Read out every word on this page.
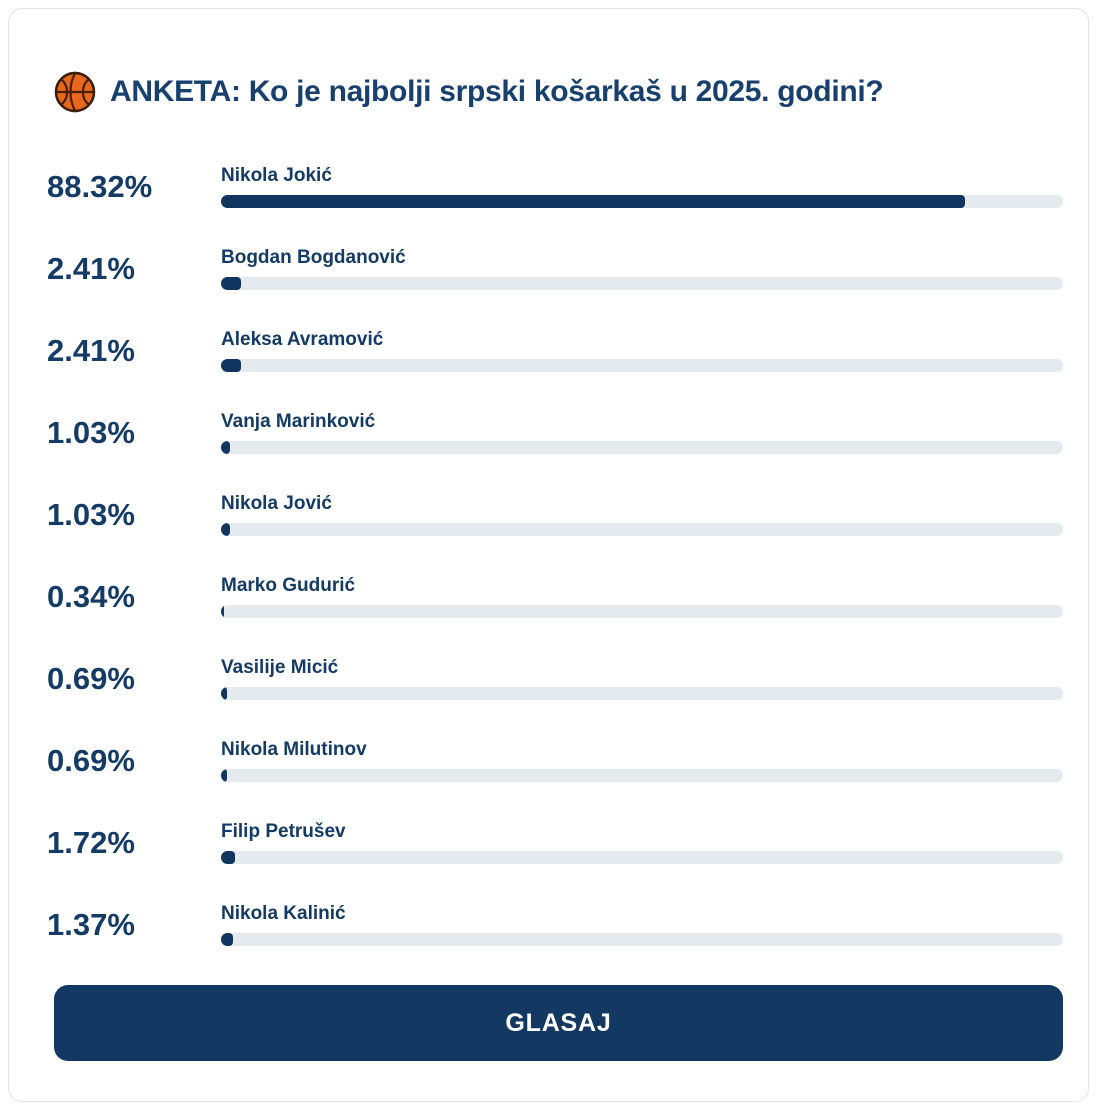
ANKETA: Ko je najbolji srpski košarkaš u 2025. godini?
88.32%	Nikola Jokić
2.41%	Bogdan Bogdanović
2.41%	Aleksa Avramović
1.03%	Vanja Marinković
1.03%	Nikola Jović
0.34%	Marko Gudurić
0.69%	Vasilije Micić
0.69%	Nikola Milutinov
1.72%	Filip Petrušev
1.37%	Nikola Kalinić
GLASAJ
